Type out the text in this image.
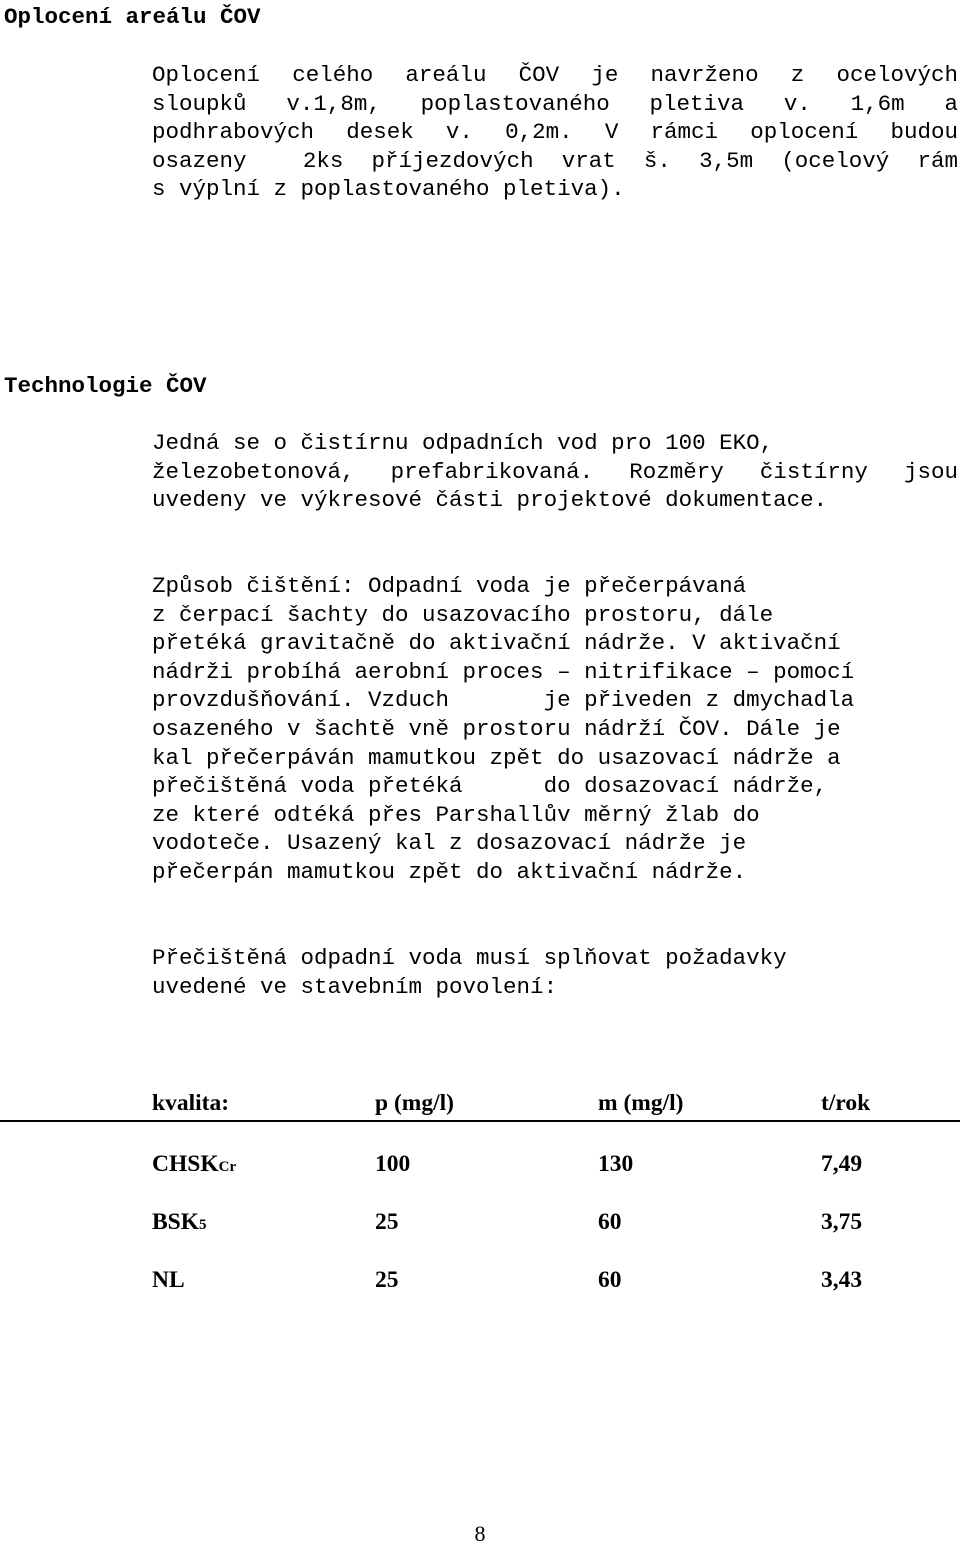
Oplocení areálu ČOV
Oplocení celého areálu ČOV je navrženo z ocelových
sloupků v.1,8m, poplastovaného pletiva v. 1,6m a
podhrabových desek v. 0,2m. V rámci oplocení budou
osazeny  2ks příjezdových vrat š. 3,5m (ocelový rám
s výplní z poplastovaného pletiva).
Technologie ČOV
Jedná se o čistírnu odpadních vod pro 100 EKO,
železobetonová, prefabrikovaná. Rozměry čistírny jsou
uvedeny ve výkresové části projektové dokumentace.
Způsob čištění: Odpadní voda je přečerpávaná
z čerpací šachty do usazovacího prostoru, dále
přetéká gravitačně do aktivační nádrže. V aktivační
nádrži probíhá aerobní proces – nitrifikace – pomocí
provzdušňování. Vzduch       je přiveden z dmychadla
osazeného v šachtě vně prostoru nádrží ČOV. Dále je
kal přečerpáván mamutkou zpět do usazovací nádrže a
přečištěná voda přetéká      do dosazovací nádrže,
ze které odtéká přes Parshallův měrný žlab do
vodoteče. Usazený kal z dosazovací nádrže je
přečerpán mamutkou zpět do aktivační nádrže.
Přečištěná odpadní voda musí splňovat požadavky
uvedené ve stavebním povolení:
kvalita:	p (mg/l)	m (mg/l)	t/rok
CHSKCr	100	130	7,49
BSK5	25	60	3,75
NL	25	60	3,43
8
